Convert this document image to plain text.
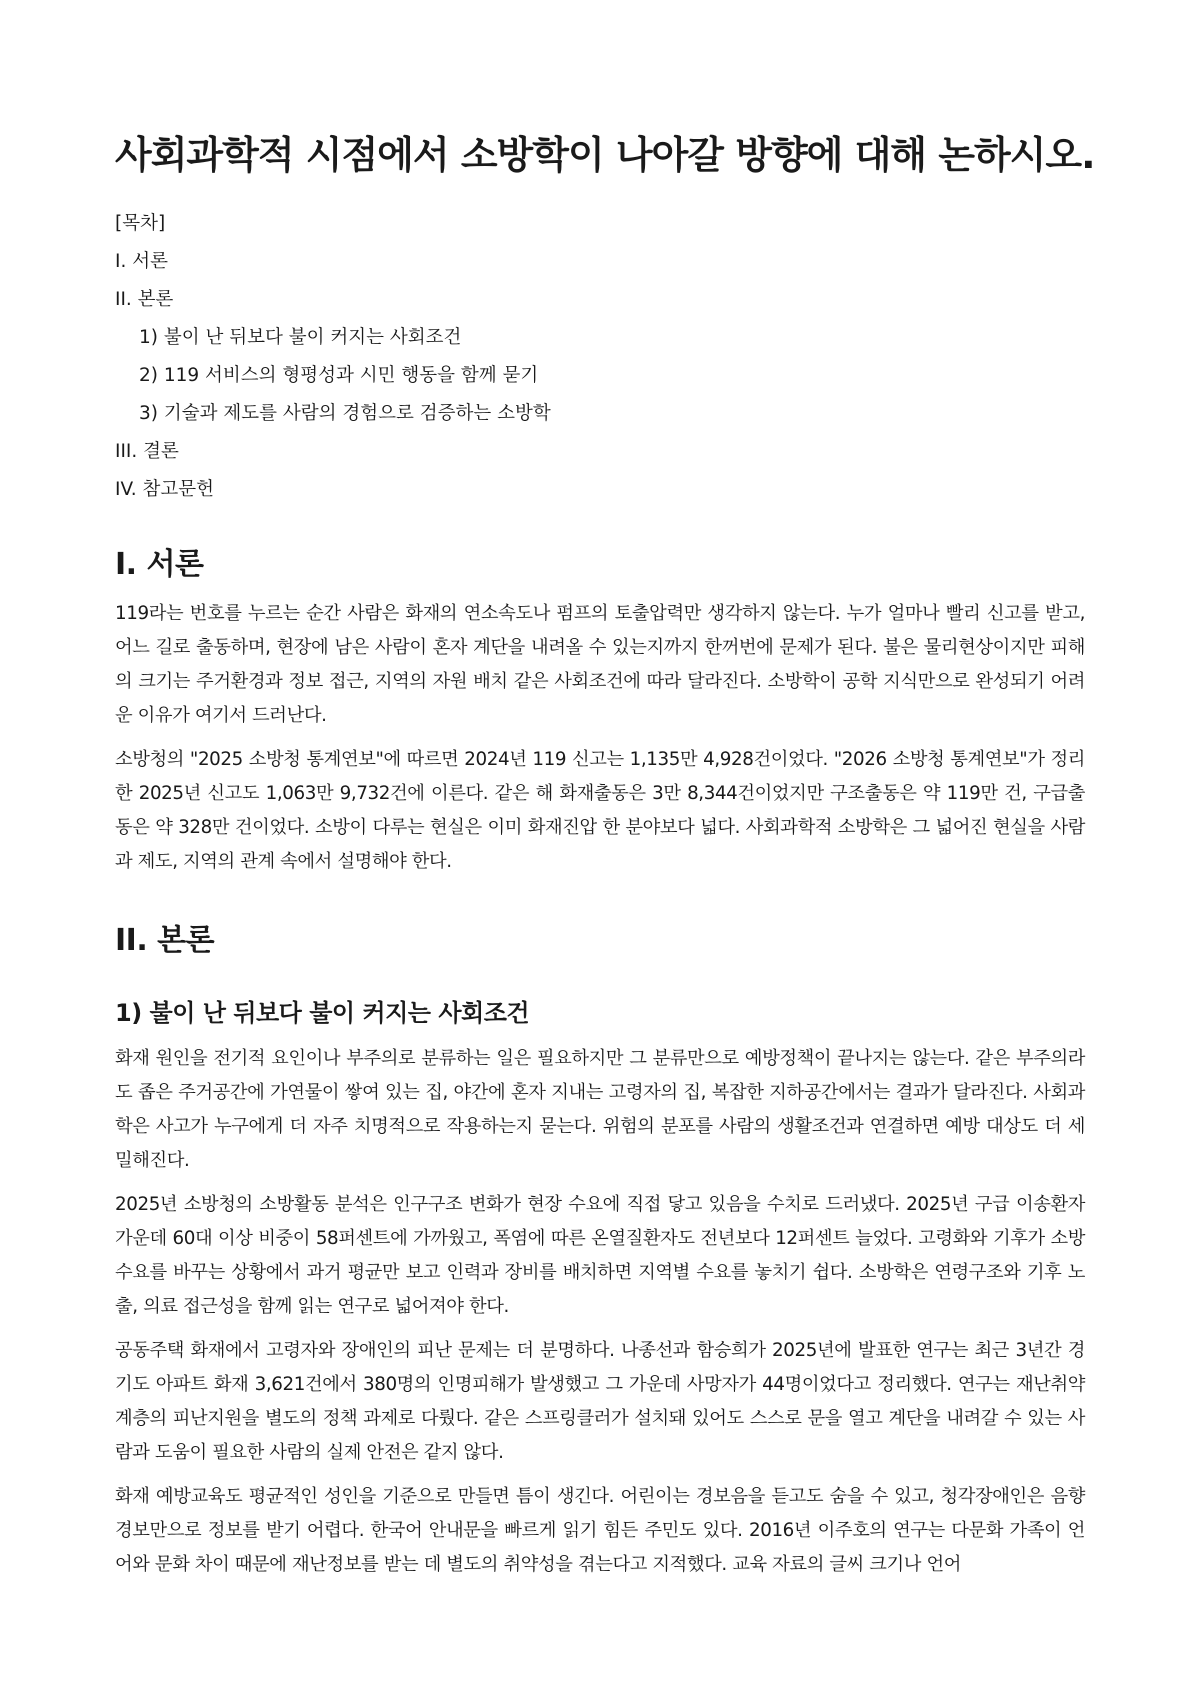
사회과학적 시점에서 소방학이 나아갈 방향에 대해 논하시오.
[목차]
I. 서론
II. 본론
1) 불이 난 뒤보다 불이 커지는 사회조건
2) 119 서비스의 형평성과 시민 행동을 함께 묻기
3) 기술과 제도를 사람의 경험으로 검증하는 소방학
III. 결론
IV. 참고문헌
I. 서론

119라는 번호를 누르는 순간 사람은 화재의 연소속도나 펌프의 토출압력만 생각하지 않는다. 누가 얼마나 빨리 신고를 받고, 어느 길로 출동하며, 현장에 남은 사람이 혼자 계단을 내려올 수 있는지까지 한꺼번에 문제가 된다. 불은 물리현상이지만 피해의 크기는 주거환경과 정보 접근, 지역의 자원 배치 같은 사회조건에 따라 달라진다. 소방학이 공학 지식만으로 완성되기 어려운 이유가 여기서 드러난다.

소방청의 "2025 소방청 통계연보"에 따르면 2024년 119 신고는 1,135만 4,928건이었다. "2026 소방청 통계연보"가 정리한 2025년 신고도 1,063만 9,732건에 이른다. 같은 해 화재출동은 3만 8,344건이었지만 구조출동은 약 119만 건, 구급출동은 약 328만 건이었다. 소방이 다루는 현실은 이미 화재진압 한 분야보다 넓다. 사회과학적 소방학은 그 넓어진 현실을 사람과 제도, 지역의 관계 속에서 설명해야 한다.

II. 본론
1) 불이 난 뒤보다 불이 커지는 사회조건

화재 원인을 전기적 요인이나 부주의로 분류하는 일은 필요하지만 그 분류만으로 예방정책이 끝나지는 않는다. 같은 부주의라도 좁은 주거공간에 가연물이 쌓여 있는 집, 야간에 혼자 지내는 고령자의 집, 복잡한 지하공간에서는 결과가 달라진다. 사회과학은 사고가 누구에게 더 자주 치명적으로 작용하는지 묻는다. 위험의 분포를 사람의 생활조건과 연결하면 예방 대상도 더 세밀해진다.

2025년 소방청의 소방활동 분석은 인구구조 변화가 현장 수요에 직접 닿고 있음을 수치로 드러냈다. 2025년 구급 이송환자 가운데 60대 이상 비중이 58퍼센트에 가까웠고, 폭염에 따른 온열질환자도 전년보다 12퍼센트 늘었다. 고령화와 기후가 소방 수요를 바꾸는 상황에서 과거 평균만 보고 인력과 장비를 배치하면 지역별 수요를 놓치기 쉽다. 소방학은 연령구조와 기후 노출, 의료 접근성을 함께 읽는 연구로 넓어져야 한다.

공동주택 화재에서 고령자와 장애인의 피난 문제는 더 분명하다. 나종선과 함승희가 2025년에 발표한 연구는 최근 3년간 경기도 아파트 화재 3,621건에서 380명의 인명피해가 발생했고 그 가운데 사망자가 44명이었다고 정리했다. 연구는 재난취약계층의 피난지원을 별도의 정책 과제로 다뤘다. 같은 스프링클러가 설치돼 있어도 스스로 문을 열고 계단을 내려갈 수 있는 사람과 도움이 필요한 사람의 실제 안전은 같지 않다.

화재 예방교육도 평균적인 성인을 기준으로 만들면 틈이 생긴다. 어린이는 경보음을 듣고도 숨을 수 있고, 청각장애인은 음향경보만으로 정보를 받기 어렵다. 한국어 안내문을 빠르게 읽기 힘든 주민도 있다. 2016년 이주호의 연구는 다문화 가족이 언어와 문화 차이 때문에 재난정보를 받는 데 별도의 취약성을 겪는다고 지적했다. 교육 자료의 글씨 크기나 언어
